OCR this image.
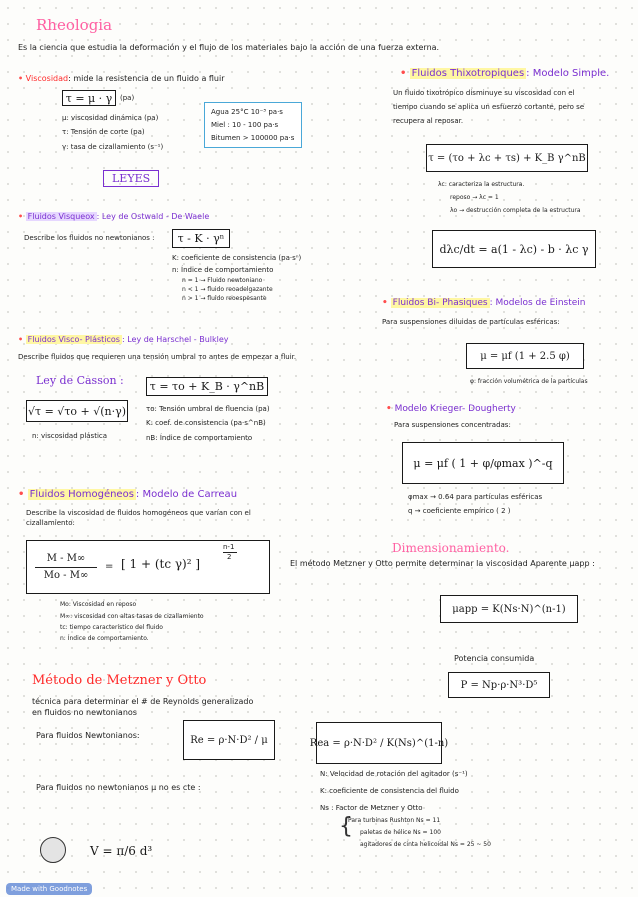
Rheologia
Es la ciencia que estudia la deformación y el flujo de los materiales bajo la acción de una fuerza externa.
• Viscosidad: mide la resistencia de un fluido a fluir
τ = μ · γ	(pa)
μ: viscosidad dinámica (pa)
τ: Tensión de corte (pa)
γ: tasa de cizallamiento (s⁻¹)
Agua 25°C 10⁻³ pa·s
Miel : 10 - 100 pa·s
Bitumen > 100000 pa·s
LEYES
• Fluidos Visqueox : Ley de Ostwald - De Waele
Describe los fluidos no newtonianos :	τ - K · γⁿ
K: coeficiente de consistencia (pa·sⁿ)
n: Índice de comportamiento
n = 1 → Fluido newtoniano
n < 1 → fluido reoadelgazante
n > 1 → fluido reoespesante
• Fluidos Visco- Plásticos : Ley de Harschel - Bulkley
Describe fluidos que requieren una tensión umbral τo antes de empezar a fluir.
Ley de Casson :	τ = τo + K_B · γ^nB
√τ = √τo + √(n·γ)
n: viscosidad plástica
τo: Tensión umbral de fluencia (pa)
K: coef. de consistencia (pa·s^nB)
nB: Índice de comportamiento
• Fluidos Homogéneos : Modelo de Carreau
Describe la viscosidad de fluidos homogéneos que varían con el
cizallamiento:
M - M∞
Mo - M∞
= [ 1 + (tc γ)² ]
n-1
2
Mo: Viscosidad en reposo
M∞: viscosidad con altas tasas de cizallamiento
tc: tiempo característico del fluido
n: Índice de comportamiento.
Método de Metzner y Otto
técnica para determinar el # de Reynolds generalizado
en fluidos no newtonianos
Para fluidos Newtonianos:	Re = ρ·N·D² / μ	Rea = ρ·N·D² / K(Ns)^(1-n)
Para fluidos no newtonianos μ no es cte :
N: Velocidad de rotación del agitador (s⁻¹)
K: coeficiente de consistencia del fluido
Ns : Factor de Metzner y Otto
{
Para turbinas Rushton Ns = 11
paletas de hélice Ns = 100
agitadores de cinta helicoidal Ns = 25 ~ 50
V = π/6 d³
• Fluidos Thixotropiques : Modelo Simple.
Un fluido tixotrópico disminuye su viscosidad con el
tiempo cuando se aplica un esfuerzo cortante, pero se
recupera al reposar.
τ = (τo + λc + τs) + K_B γ^nB
λc: caracteriza la estructura.
reposo → λc = 1
λo → destrucción completa de la estructura
dλc/dt = a(1 - λc) - b · λc γ
• Fluidos Bi- Phasiques : Modelos de Einstein
Para suspensiones diluidas de partículas esféricas:
μ = μf (1 + 2.5 φ)
φ: fracción volumétrica de la partículas
• Modelo Krieger- Dougherty
Para suspensiones concentradas:
μ = μf ( 1 + φ/φmax )^-q
φmax → 0.64 para partículas esféricas
q → coeficiente empírico ( 2 )
Dimensionamiento.
El método Metzner y Otto permite determinar la viscosidad Aparente μapp :
μapp = K(Ns·N)^(n-1)
Potencia consumida
P = Np·ρ·N³·D⁵
Made with Goodnotes
